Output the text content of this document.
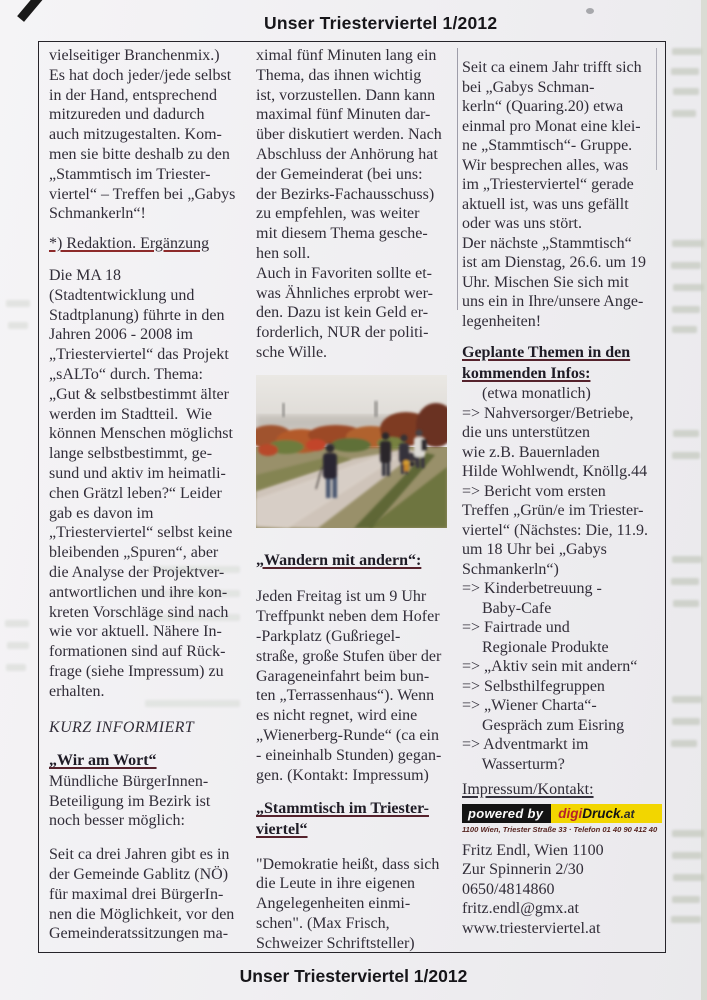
Unser Triesterviertel 1/2012
vielseitiger Branchenmix.)
Es hat doch jeder/jede selbst
in der Hand, entsprechend
mitzureden und dadurch
auch mitzugestalten. Kom-
men sie bitte deshalb zu den
„Stammtisch im Triester-
viertel“ – Treffen bei „Gabys
Schmankerln“!
*) Redaktion. Ergänzung
Die MA 18
(Stadtentwicklung und
Stadtplanung) führte in den
Jahren 2006 - 2008 im
„Triesterviertel“ das Projekt
„sALTo“ durch. Thema:
„Gut & selbstbestimmt älter
werden im Stadtteil.  Wie
können Menschen möglichst
lange selbstbestimmt, ge-
sund und aktiv im heimatli-
chen Grätzl leben?“ Leider
gab es davon im
„Triesterviertel“ selbst keine
bleibenden „Spuren“, aber
die Analyse der Projektver-
antwortlichen und ihre kon-
kreten Vorschläge sind nach
wie vor aktuell. Nähere In-
formationen sind auf Rück-
frage (siehe Impressum) zu
erhalten.
KURZ INFORMIERT
„Wir am Wort“
Mündliche BürgerInnen-
Beteiligung im Bezirk ist
noch besser möglich:
Seit ca drei Jahren gibt es in
der Gemeinde Gablitz (NÖ)
für maximal drei BürgerIn-
nen die Möglichkeit, vor den
Gemeinderatssitzungen ma-
ximal fünf Minuten lang ein
Thema, das ihnen wichtig
ist, vorzustellen. Dann kann
maximal fünf Minuten dar-
über diskutiert werden. Nach
Abschluss der Anhörung hat
der Gemeinderat (bei uns:
der Bezirks-Fachausschuss)
zu empfehlen, was weiter
mit diesem Thema gesche-
hen soll.
Auch in Favoriten sollte et-
was Ähnliches erprobt wer-
den. Dazu ist kein Geld er-
forderlich, NUR der politi-
sche Wille.
„Wandern mit andern“:
Jeden Freitag ist um 9 Uhr
Treffpunkt neben dem Hofer
-Parkplatz (Gußriegel-
straße, große Stufen über der
Garageneinfahrt beim bun-
ten „Terrassenhaus“). Wenn
es nicht regnet, wird eine
„Wienerberg-Runde“ (ca ein
- eineinhalb Stunden) gegan-
gen. (Kontakt: Impressum)
„Stammtisch im Triester-
viertel“
"Demokratie heißt, dass sich
die Leute in ihre eigenen
Angelegenheiten einmi-
schen". (Max Frisch,
Schweizer Schriftsteller)
Seit ca einem Jahr trifft sich
bei „Gabys Schman-
kerln“ (Quaring.20) etwa
einmal pro Monat eine klei-
ne „Stammtisch“- Gruppe.
Wir besprechen alles, was
im „Triesterviertel“ gerade
aktuell ist, was uns gefällt
oder was uns stört.
Der nächste „Stammtisch“
ist am Dienstag, 26.6. um 19
Uhr. Mischen Sie sich mit
uns ein in Ihre/unsere Ange-
legenheiten!
Geplante Themen in den
kommenden Infos:
(etwa monatlich)
=> Nahversorger/Betriebe,
die uns unterstützen
wie z.B. Bauernladen
Hilde Wohlwendt, Knöllg.44
=> Bericht vom ersten
Treffen „Grün/e im Triester-
viertel“ (Nächstes: Die, 11.9.
um 18 Uhr bei „Gabys
Schmankerln“)
=> Kinderbetreuung -
Baby-Cafe
=> Fairtrade und
Regionale Produkte
=> „Aktiv sein mit andern“
=> Selbsthilfegruppen
=> „Wiener Charta“-
Gespräch zum Eisring
=> Adventmarkt im
Wasserturm?
Impressum/Kontakt:
powered by	digiDruck.at
1100 Wien, Triester Straße 33 · Telefon 01 40 90 412 40
Fritz Endl, Wien 1100
Zur Spinnerin 2/30
0650/4814860
fritz.endl@gmx.at
www.triesterviertel.at
Unser Triesterviertel 1/2012
